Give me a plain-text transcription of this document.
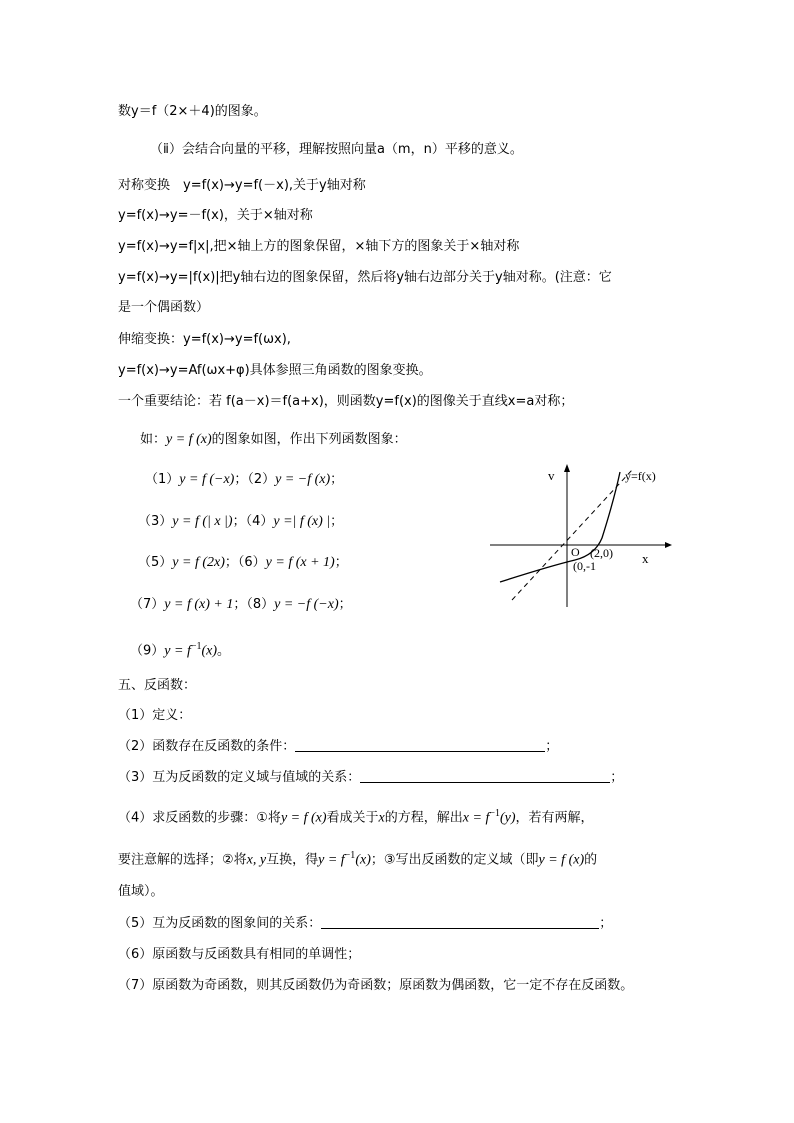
数y＝f（2×＋4)的图象。
（ⅱ）会结合向量的平移，理解按照向量a（m，n）平移的意义。
对称变换　y=f(x)→y=f(－x),关于y轴对称
y=f(x)→y=－f(x)，关于×轴对称
y=f(x)→y=f|x|,把×轴上方的图象保留，×轴下方的图象关于×轴对称
y=f(x)→y=|f(x)|把y轴右边的图象保留，然后将y轴右边部分关于y轴对称。(注意：它
是一个偶函数）
伸缩变换：y=f(x)→y=f(ωx),
y=f(x)→y=Af(ωx+φ)具体参照三角函数的图象变换。
一个重要结论：若 f(a－x)＝f(a+x)，则函数y=f(x)的图像关于直线x=a对称；
如：y = f (x)的图象如图，作出下列函数图象：
（1）y = f (−x)；（2）y = −f (x)；
（3）y = f (| x |)；（4）y =| f (x) |；
（5）y = f (2x)；（6）y = f (x + 1)；
（7）y = f (x) + 1；（8）y = −f (−x)；
$(9)y = f^{-1}(x)$。
v
x
y=f(x)
O (2,0)
(0,-1
五、反函数：
（1）定义：
（2）函数存在反函数的条件：	；
（3）互为反函数的定义域与值域的关系：	；
（4）求反函数的步骤：①将y = f (x)看成关于x的方程，解出$x = f^{-1}(y)$，若有两解，
要注意解的选择；②将x, y互换，得$y = f^{-1}(x)$；③写出反函数的定义域（即y = f (x)的
值域）。
（5）互为反函数的图象间的关系：	；
（6）原函数与反函数具有相同的单调性；
（7）原函数为奇函数，则其反函数仍为奇函数；原函数为偶函数，它一定不存在反函数。
